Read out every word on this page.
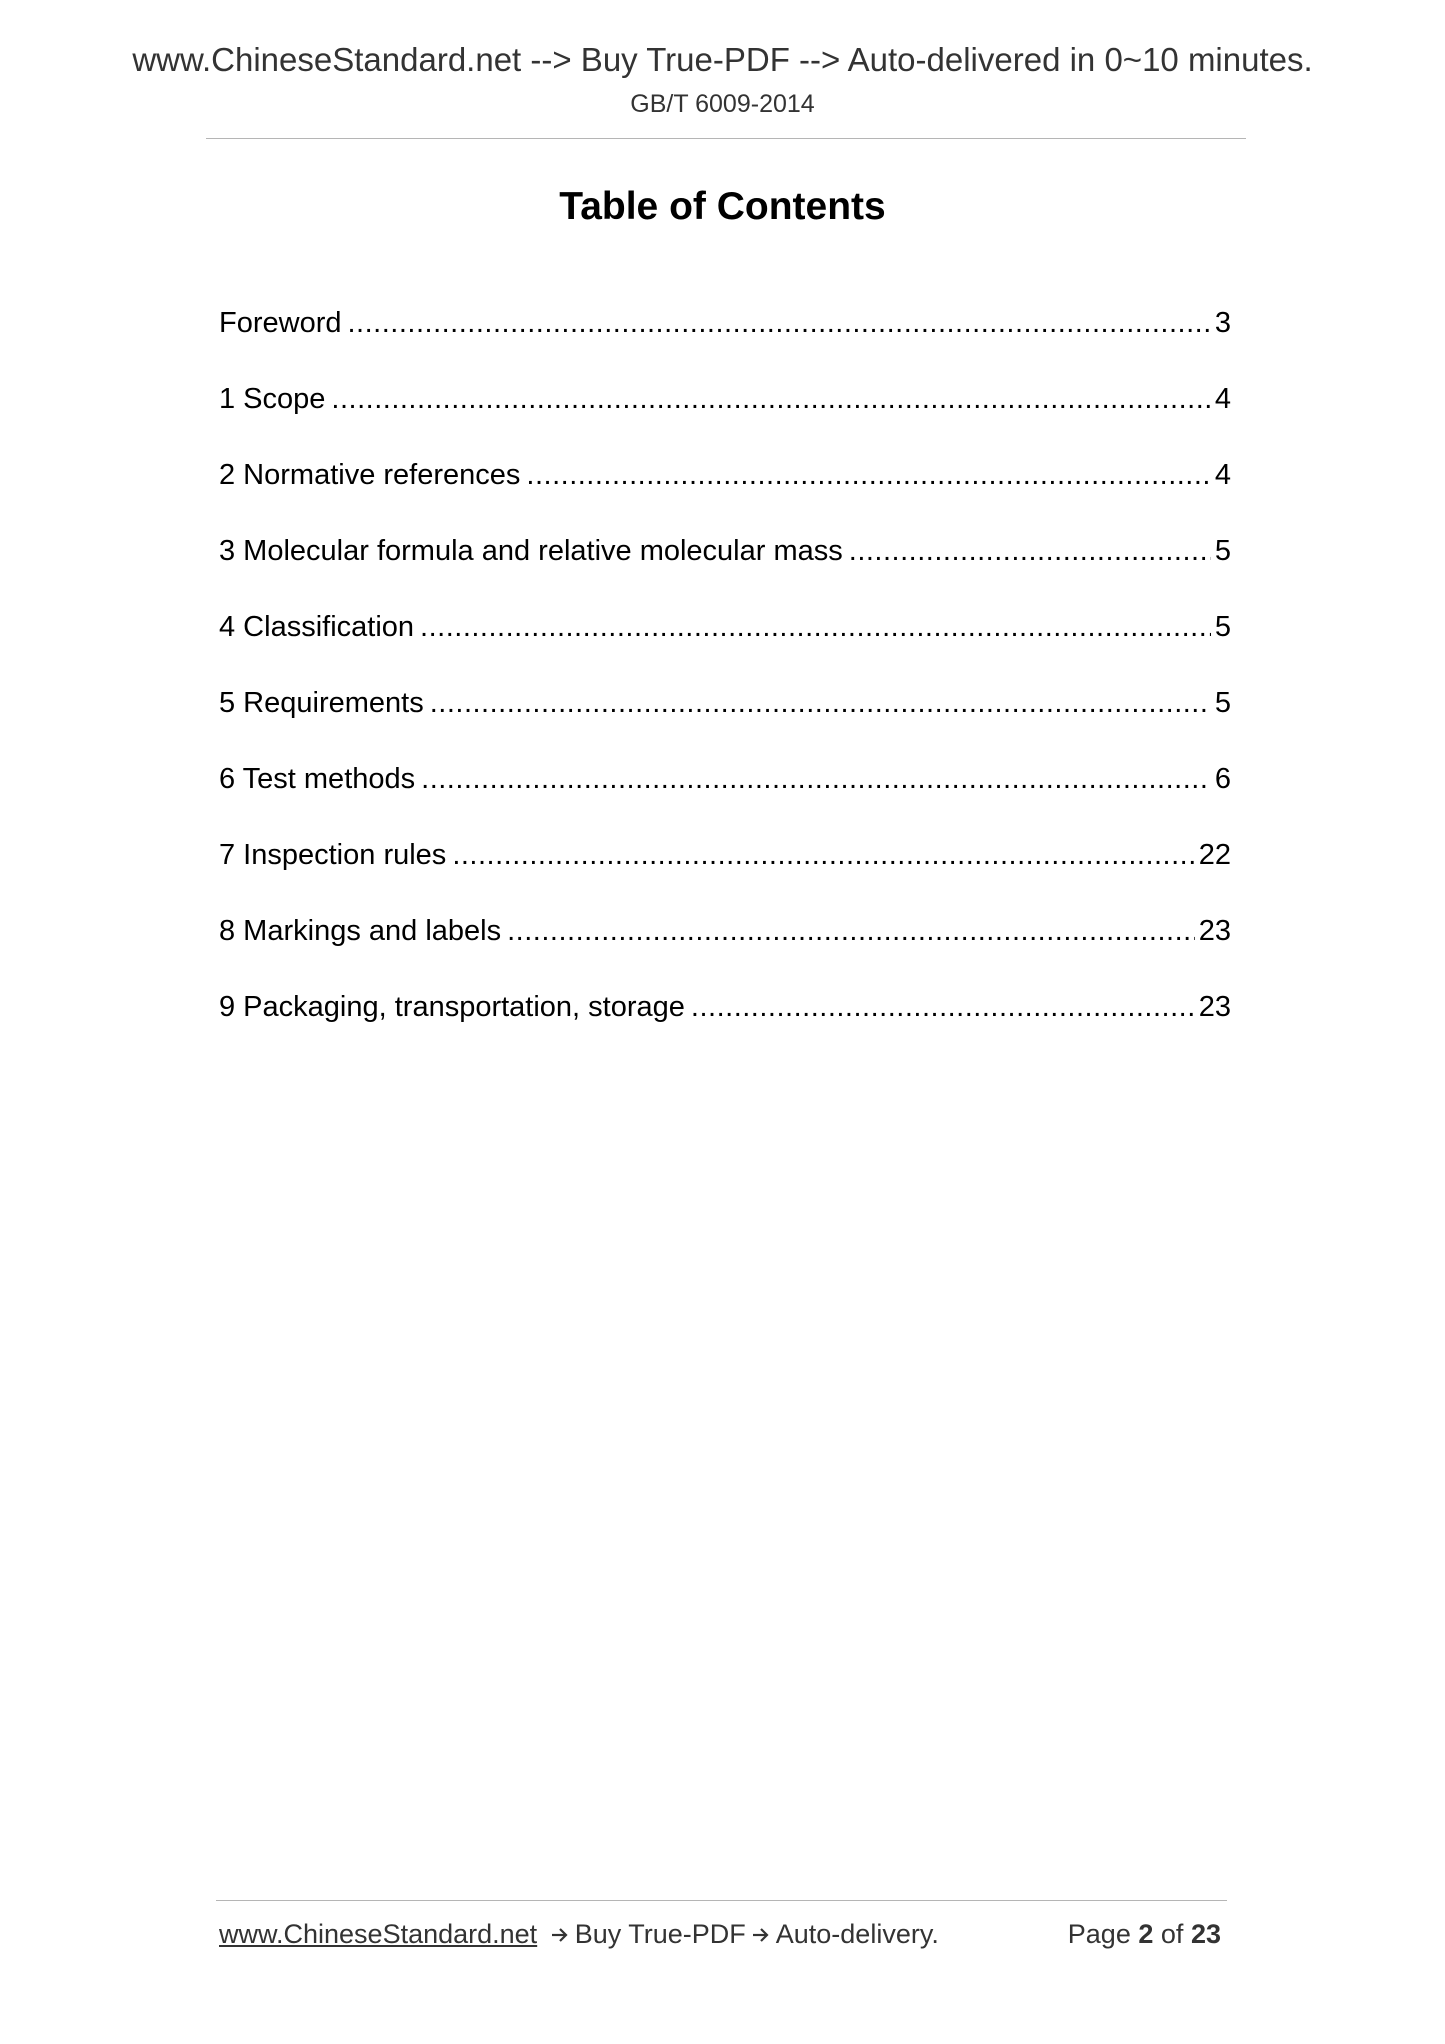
www.ChineseStandard.net --> Buy True-PDF --> Auto-delivered in 0~10 minutes.
GB/T 6009-2014
Table of Contents
Foreword .....	3
1 Scope .....	4
2 Normative references .....	4
3 Molecular formula and relative molecular mass .....	5
4 Classification .....	5
5 Requirements .....	5
6 Test methods .....	6
7 Inspection rules .....	22
8 Markings and labels .....	23
9 Packaging, transportation, storage .....	23
www.ChineseStandard.net Buy True-PDF Auto-delivery.	Page 2 of 23
